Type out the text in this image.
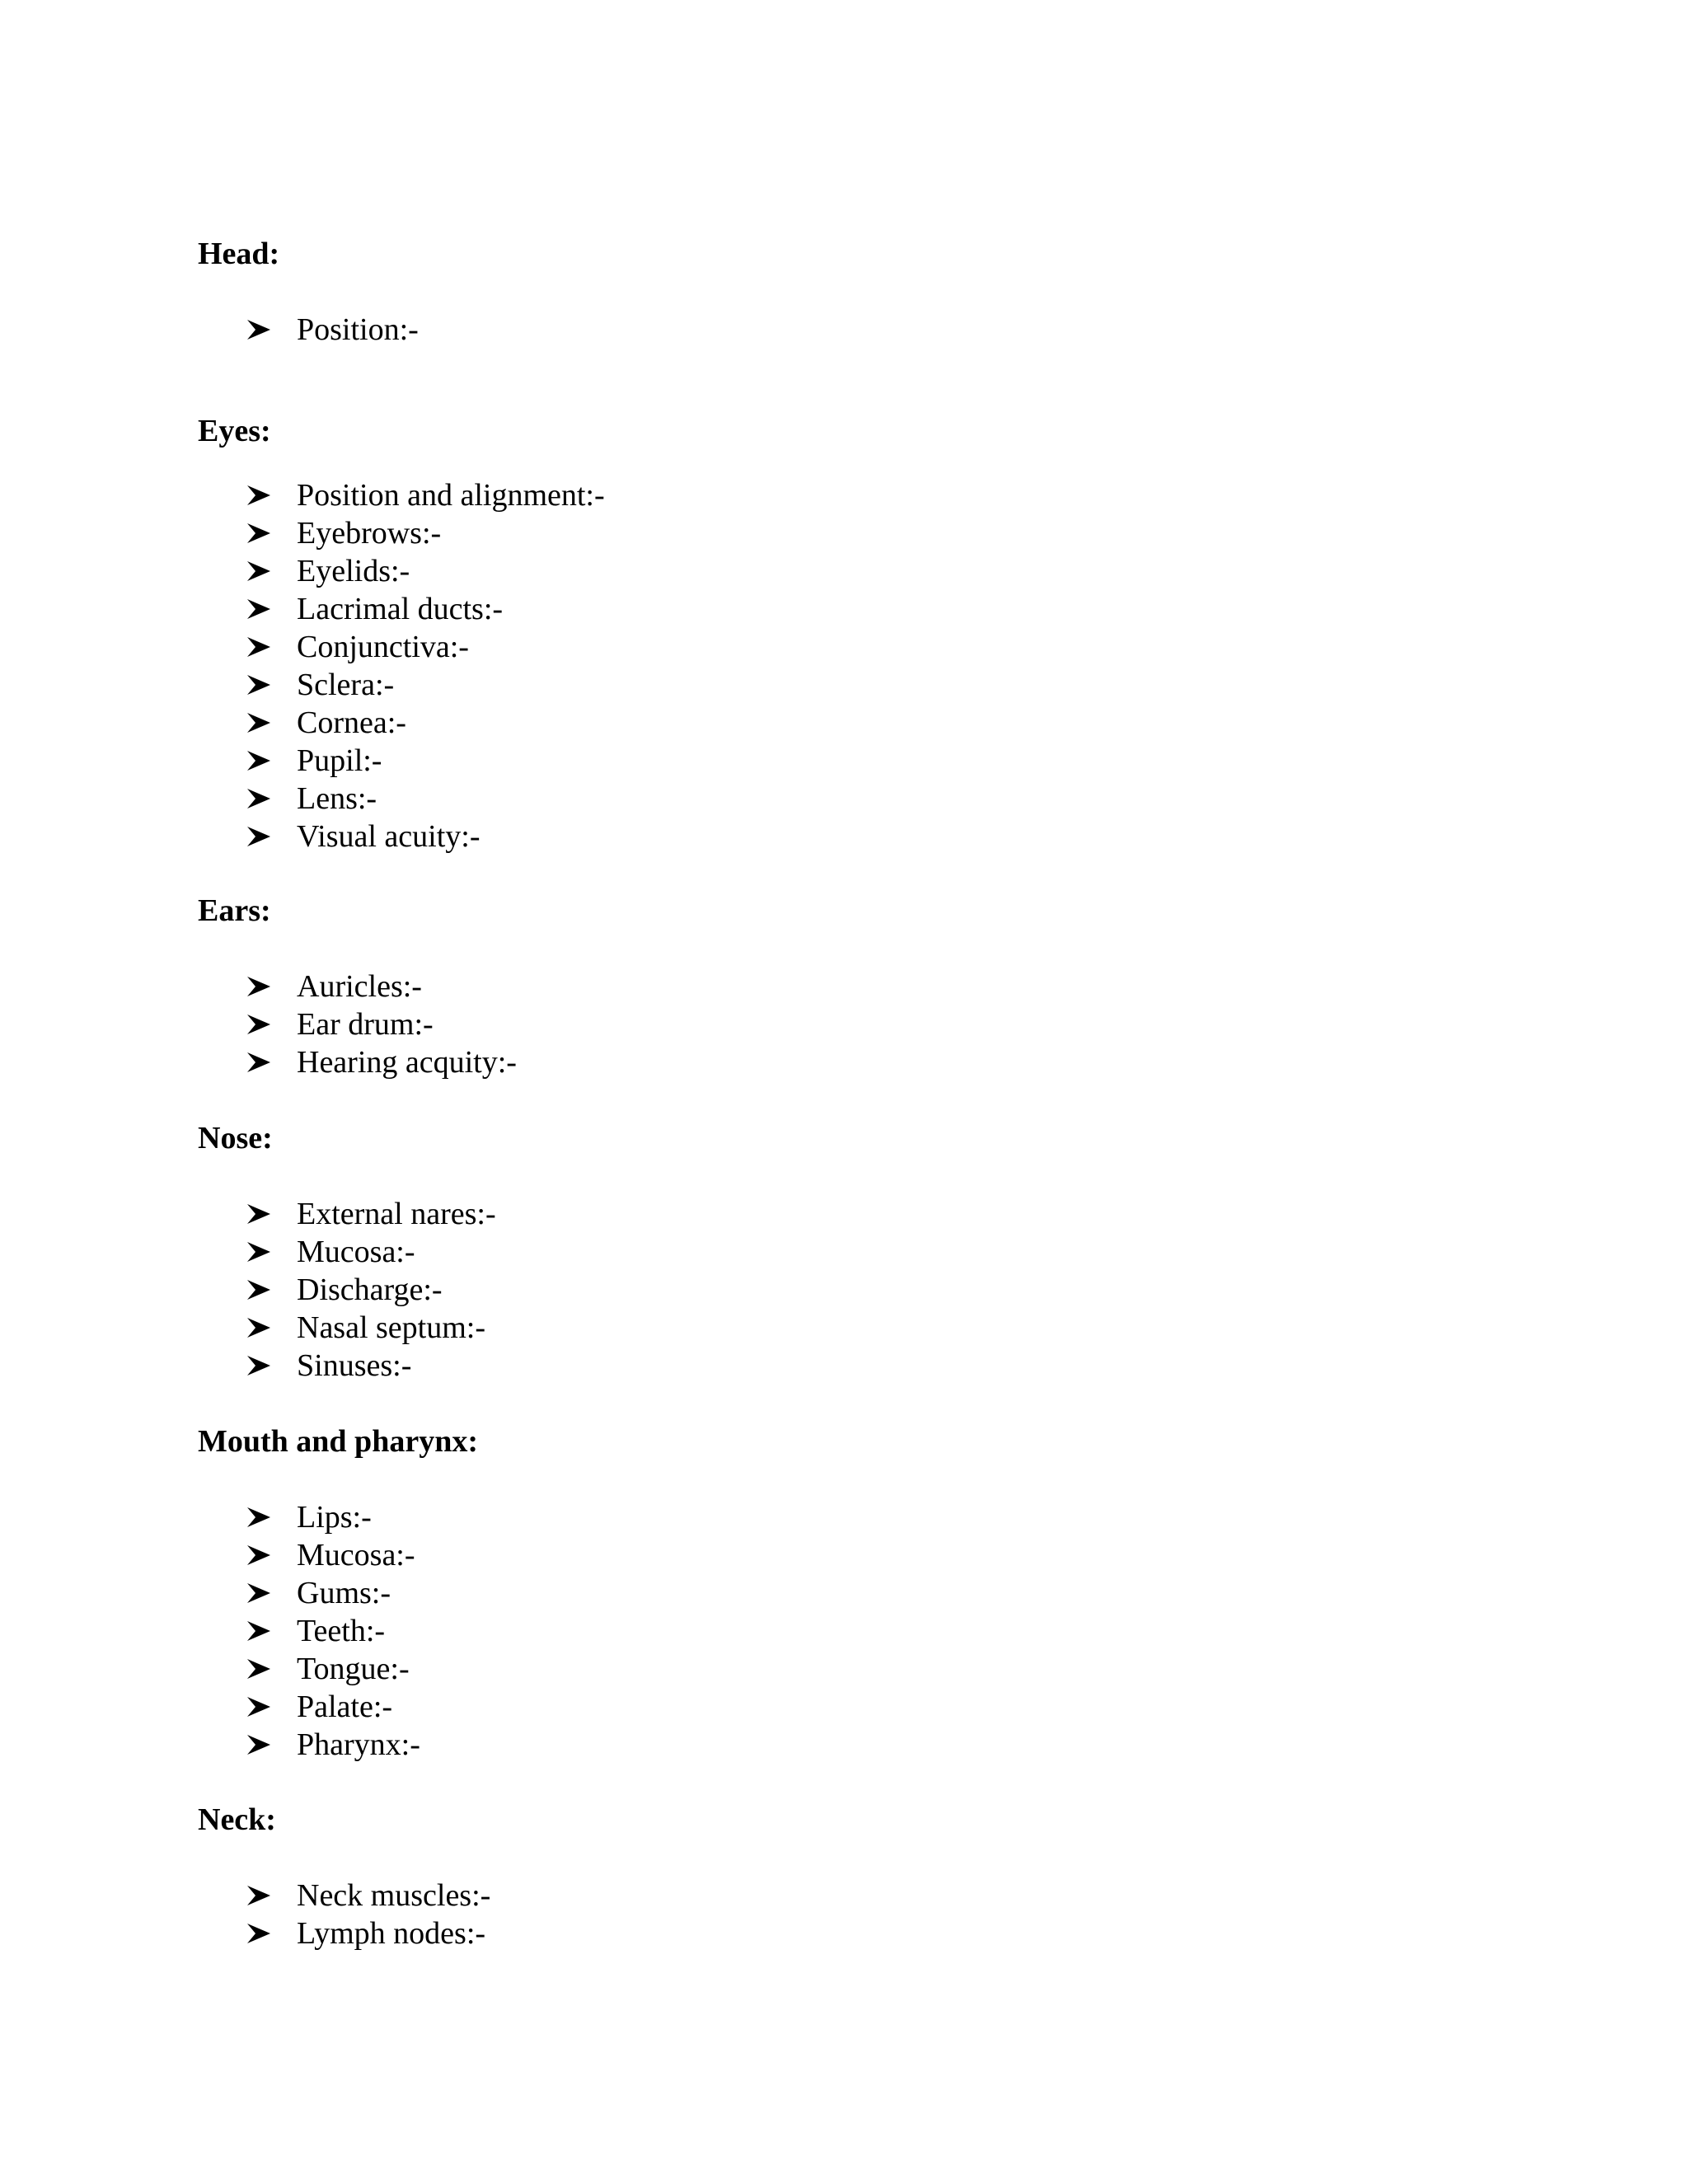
Head:
Position:-
Eyes:
Position and alignment:-
Eyebrows:-
Eyelids:-
Lacrimal ducts:-
Conjunctiva:-
Sclera:-
Cornea:-
Pupil:-
Lens:-
Visual acuity:-
Ears:
Auricles:-
Ear drum:-
Hearing acquity:-
Nose:
External nares:-
Mucosa:-
Discharge:-
Nasal septum:-
Sinuses:-
Mouth and pharynx:
Lips:-
Mucosa:-
Gums:-
Teeth:-
Tongue:-
Palate:-
Pharynx:-
Neck:
Neck muscles:-
Lymph nodes:-
